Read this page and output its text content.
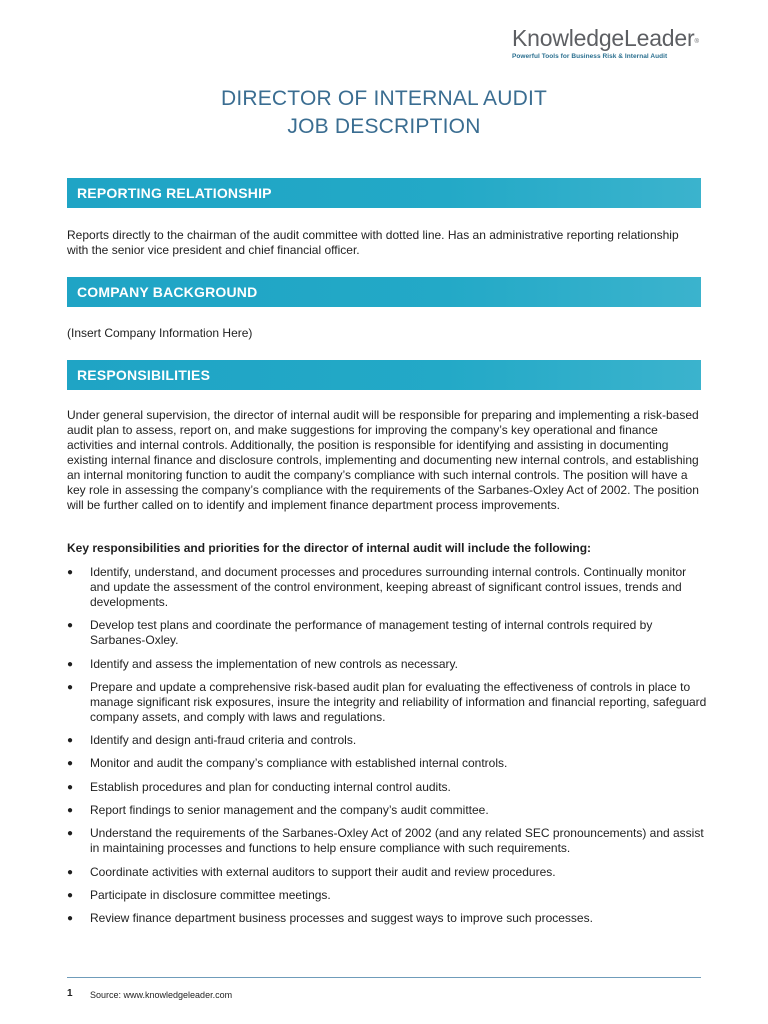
KnowledgeLeader®
Powerful Tools for Business Risk & Internal Audit
DIRECTOR OF INTERNAL AUDIT
JOB DESCRIPTION
REPORTING RELATIONSHIP
Reports directly to the chairman of the audit committee with dotted line. Has an administrative reporting relationship with the senior vice president and chief financial officer.
COMPANY BACKGROUND
(Insert Company Information Here)
RESPONSIBILITIES
Under general supervision, the director of internal audit will be responsible for preparing and implementing a risk-based audit plan to assess, report on, and make suggestions for improving the company’s key operational and finance activities and internal controls. Additionally, the position is responsible for identifying and assisting in documenting existing internal finance and disclosure controls, implementing and documenting new internal controls, and establishing an internal monitoring function to audit the company’s compliance with such internal controls. The position will have a key role in assessing the company’s compliance with the requirements of the Sarbanes-Oxley Act of 2002. The position will be further called on to identify and implement finance department process improvements.
Key responsibilities and priorities for the director of internal audit will include the following:
● Identify, understand, and document processes and procedures surrounding internal controls. Continually monitor and update the assessment of the control environment, keeping abreast of significant control issues, trends and developments.
● Develop test plans and coordinate the performance of management testing of internal controls required by Sarbanes-Oxley.
● Identify and assess the implementation of new controls as necessary.
● Prepare and update a comprehensive risk-based audit plan for evaluating the effectiveness of controls in place to manage significant risk exposures, insure the integrity and reliability of information and financial reporting, safeguard company assets, and comply with laws and regulations.
● Identify and design anti-fraud criteria and controls.
● Monitor and audit the company’s compliance with established internal controls.
● Establish procedures and plan for conducting internal control audits.
● Report findings to senior management and the company’s audit committee.
● Understand the requirements of the Sarbanes-Oxley Act of 2002 (and any related SEC pronouncements) and assist in maintaining processes and functions to help ensure compliance with such requirements.
● Coordinate activities with external auditors to support their audit and review procedures.
● Participate in disclosure committee meetings.
● Review finance department business processes and suggest ways to improve such processes.
1 Source: www.knowledgeleader.com
